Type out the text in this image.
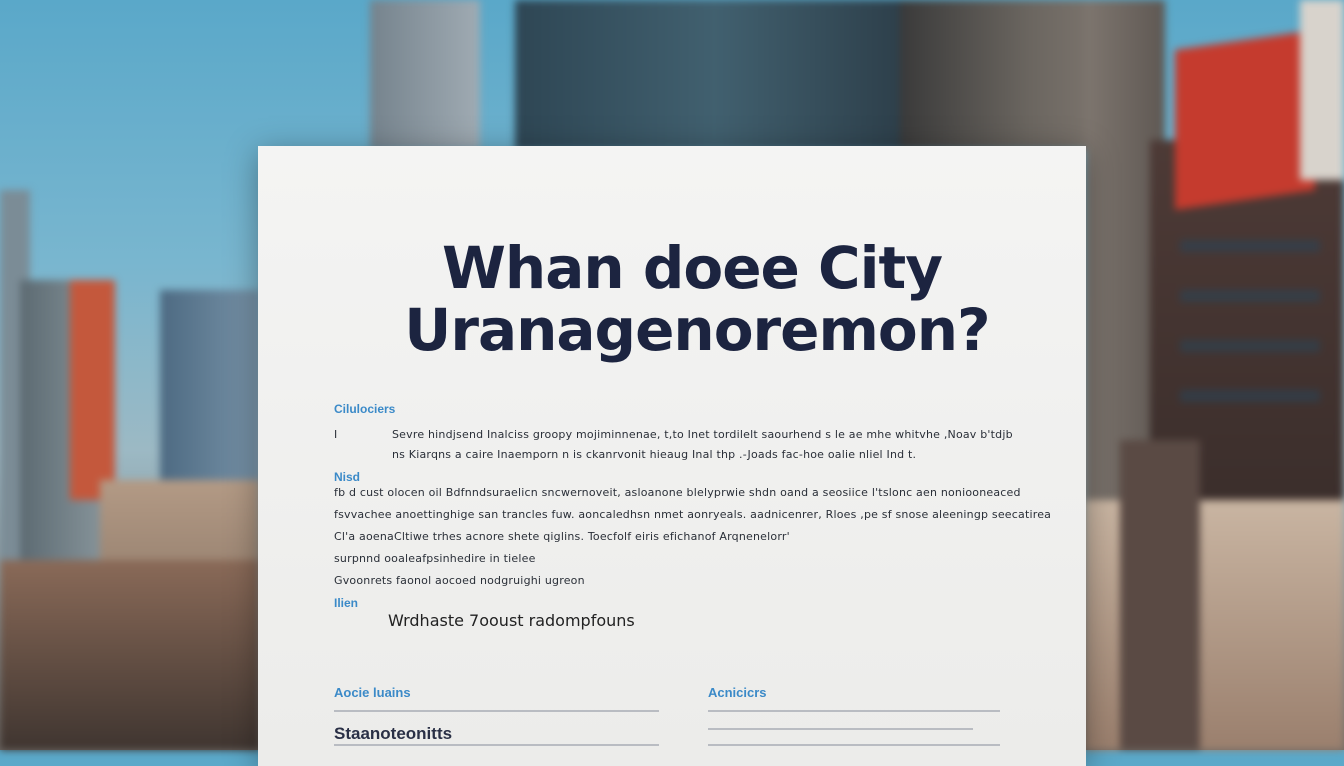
Whan doee City
Uranagenoremon?
Cilulociers
I	Sevre hindjsend Inalciss groopy mojiminnenae, t,to Inet tordilelt saourhend s le ae mhe whitvhe ,Noav b'tdjb
ns Kiarqns a caire Inaemporn n is ckanrvonit hieaug Inal thp .-Joads fac-hoe oalie nliel Ind t.
Nisd
fb d cust olocen oil Bdfnndsuraelicn sncwernoveit, asloanone blelyprwie shdn oand a seosiice l'tslonc aen noniooneaced
fsvvachee anoettinghige san trancles fuw. aoncaledhsn nmet aonryeals. aadnicenrer, Rloes ,pe sf snose aleeningp seecatirea
Cl'a aoenaCltiwe trhes acnore shete qiglins. Toecfolf eiris efichanof Arqnenelorr'
surpnnd ooaleafpsinhedire in tielee
Gvoonrets faonol aocoed nodgruighi ugreon
Ilien
Wrdhaste 7ooust radompfouns
Aocie luains
Staanoteonitts
Acnicicrs
